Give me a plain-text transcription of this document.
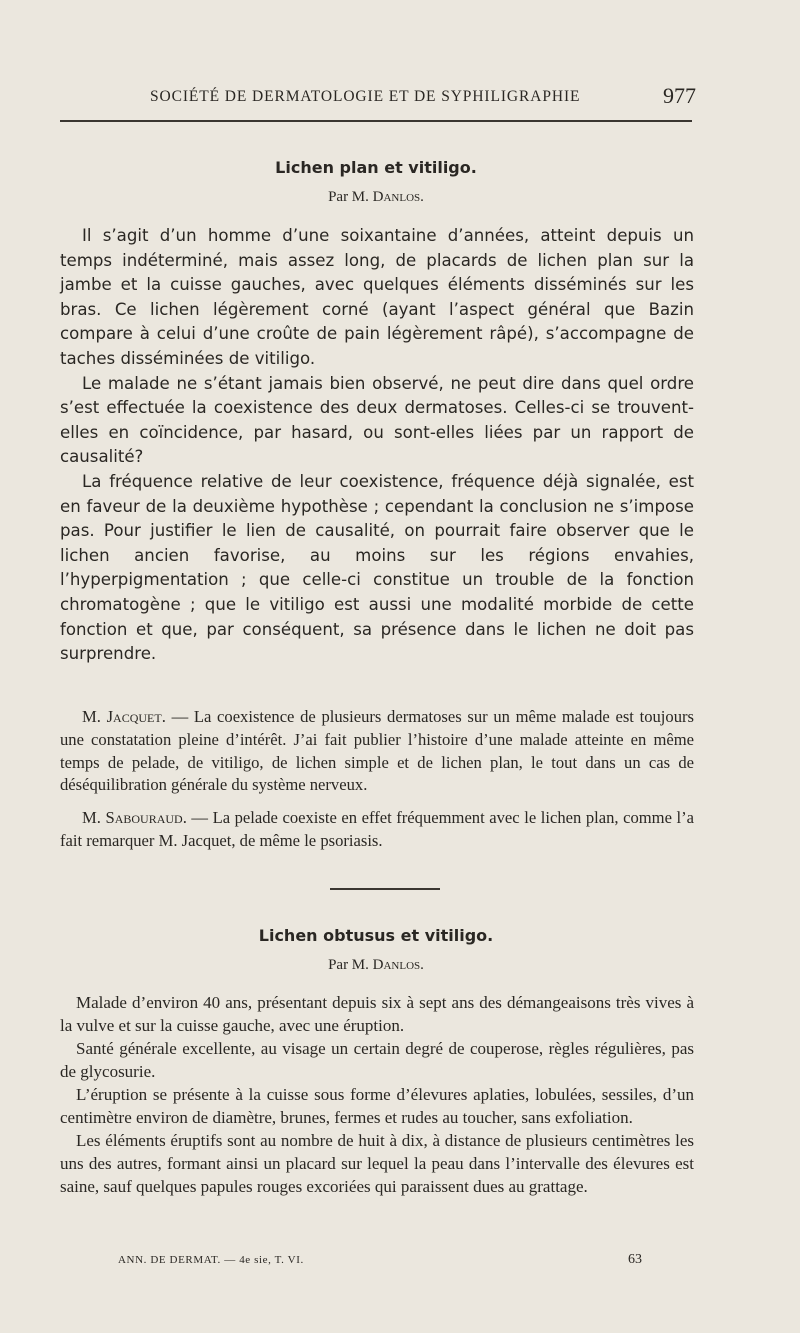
SOCIÉTÉ DE DERMATOLOGIE ET DE SYPHILIGRAPHIE	977
Lichen plan et vitiligo.
Par M. Danlos.

Il s’agit d’un homme d’une soixantaine d’années, atteint depuis un temps indéterminé, mais assez long, de placards de lichen plan sur la jambe et la cuisse gauches, avec quelques éléments disséminés sur les bras. Ce lichen légèrement corné (ayant l’aspect général que Bazin compare à celui d’une croûte de pain légèrement râpé), s’accompagne de taches disséminées de vitiligo.

Le malade ne s’étant jamais bien observé, ne peut dire dans quel ordre s’est effectuée la coexistence des deux dermatoses. Celles-ci se trouvent-elles en coïncidence, par hasard, ou sont-elles liées par un rapport de causalité?

La fréquence relative de leur coexistence, fréquence déjà signalée, est en faveur de la deuxième hypothèse ; cependant la conclusion ne s’impose pas. Pour justifier le lien de causalité, on pourrait faire observer que le lichen ancien favorise, au moins sur les régions envahies, l’hyperpigmentation ; que celle-ci constitue un trouble de la fonction chromatogène ; que le vitiligo est aussi une modalité morbide de cette fonction et que, par conséquent, sa présence dans le lichen ne doit pas surprendre.

M. Jacquet. — La coexistence de plusieurs dermatoses sur un même malade est toujours une constatation pleine d’intérêt. J’ai fait publier l’histoire d’une malade atteinte en même temps de pelade, de vitiligo, de lichen simple et de lichen plan, le tout dans un cas de déséquilibration générale du système nerveux.

M. Sabouraud. — La pelade coexiste en effet fréquemment avec le lichen plan, comme l’a fait remarquer M. Jacquet, de même le psoriasis.

Lichen obtusus et vitiligo.
Par M. Danlos.

Malade d’environ 40 ans, présentant depuis six à sept ans des démangeaisons très vives à la vulve et sur la cuisse gauche, avec une éruption.

Santé générale excellente, au visage un certain degré de couperose, règles régulières, pas de glycosurie.

L’éruption se présente à la cuisse sous forme d’élevures aplaties, lobulées, sessiles, d’un centimètre environ de diamètre, brunes, fermes et rudes au toucher, sans exfoliation.

Les éléments éruptifs sont au nombre de huit à dix, à distance de plusieurs centimètres les uns des autres, formant ainsi un placard sur lequel la peau dans l’intervalle des élevures est saine, sauf quelques papules rouges excoriées qui paraissent dues au grattage.

ANN. DE DERMAT. — 4e sie, T. VI.	63
